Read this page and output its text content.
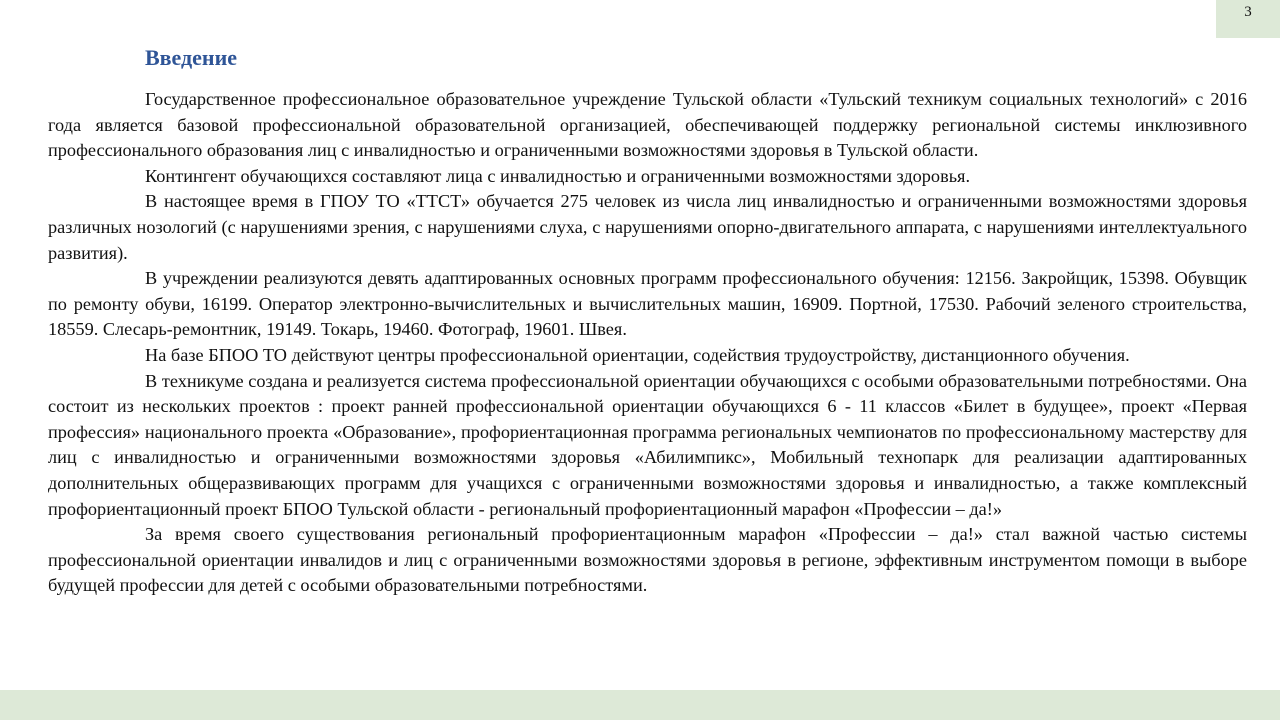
3
Введение

Государственное профессиональное образовательное учреждение Тульской области «Тульский техникум социальных технологий» с 2016 года является базовой профессиональной образовательной организацией, обеспечивающей поддержку региональной системы инклюзивного профессионального образования лиц с инвалидностью и ограниченными возможностями здоровья в Тульской области.

Контингент обучающихся составляют лица с инвалидностью и ограниченными возможностями здоровья.

В настоящее время в ГПОУ ТО «ТТСТ» обучается 275 человек из числа лиц инвалидностью и ограниченными возможностями здоровья различных нозологий (с нарушениями зрения, с нарушениями слуха, с нарушениями опорно-двигательного аппарата, с нарушениями интеллектуального развития).

В учреждении реализуются девять адаптированных основных программ профессионального обучения: 12156. Закройщик, 15398. Обувщик по ремонту обуви, 16199. Оператор электронно-вычислительных и вычислительных машин, 16909. Портной, 17530. Рабочий зеленого строительства, 18559. Слесарь-ремонтник, 19149. Токарь, 19460. Фотограф, 19601. Швея.

На базе БПОО ТО действуют центры профессиональной ориентации, содействия трудоустройству, дистанционного обучения.

В техникуме создана и реализуется система профессиональной ориентации обучающихся с особыми образовательными потребностями. Она состоит из нескольких проектов : проект ранней профессиональной ориентации обучающихся 6 - 11 классов «Билет в будущее», проект «Первая профессия» национального проекта «Образование», профориентационная программа региональных чемпионатов по профессиональному мастерству для лиц с инвалидностью и ограниченными возможностями здоровья «Абилимпикс», Мобильный технопарк для реализации адаптированных дополнительных общеразвивающих программ для учащихся с ограниченными возможностями здоровья и инвалидностью, а также комплексный профориентационный проект БПОО Тульской области - региональный профориентационный марафон «Профессии – да!»

За время своего существования региональный профориентационным марафон «Профессии – да!» стал важной частью системы профессиональной ориентации инвалидов и лиц с ограниченными возможностями здоровья в регионе, эффективным инструментом помощи в выборе будущей профессии для детей с особыми образовательными потребностями.
